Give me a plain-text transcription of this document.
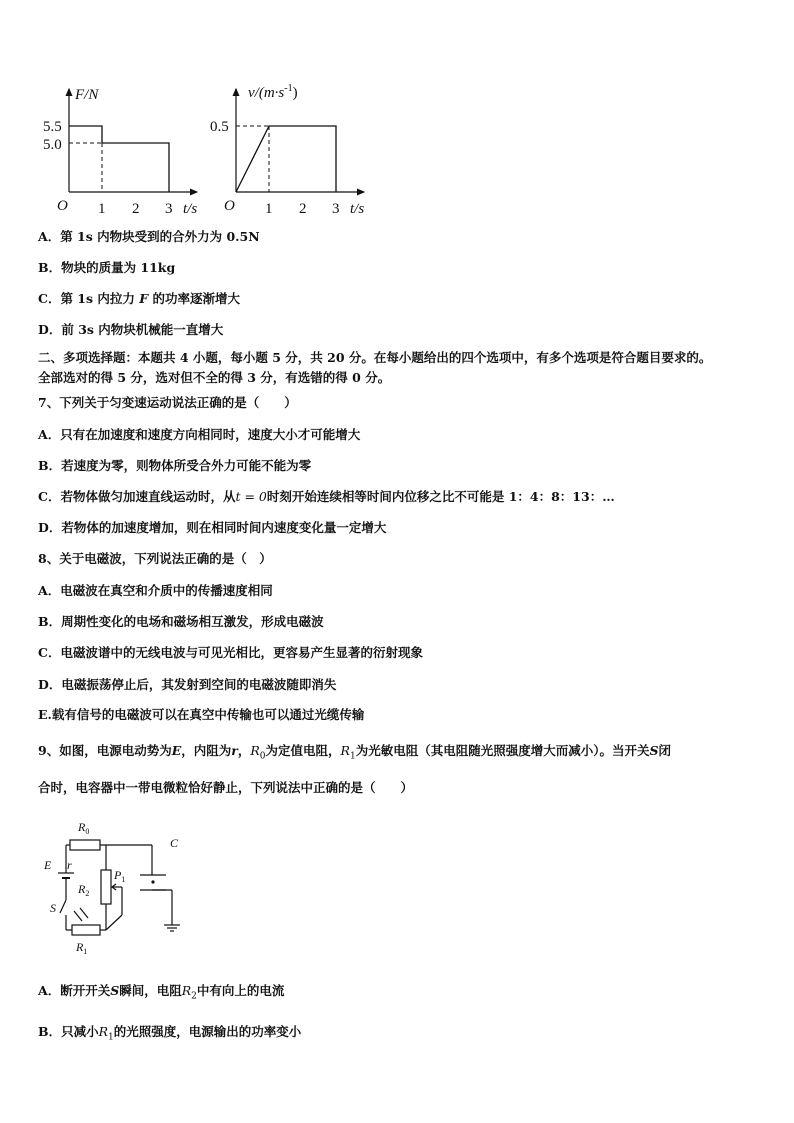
F/N
5.5
5.0
O 1 2 3 t/s
$v/(m\cdot s^{-1})$
0.5
O 1 2 3 t/s
A．第 1s 内物块受到的合外力为 0.5N
B．物块的质量为 11kg
C．第 1s 内拉力 F 的功率逐渐增大
D．前 3s 内物块机械能一直增大
二、多项选择题：本题共 4 小题，每小题 5 分，共 20 分。在每小题给出的四个选项中，有多个选项是符合题目要求的。
全部选对的得 5 分，选对但不全的得 3 分，有选错的得 0 分。
7、下列关于匀变速运动说法正确的是（　　）
A．只有在加速度和速度方向相同时，速度大小才可能增大
B．若速度为零，则物体所受合外力可能不能为零
C．若物体做匀加速直线运动时，从t = 0时刻开始连续相等时间内位移之比不可能是 1：4：8：13：…
D．若物体的加速度增加，则在相同时间内速度变化量一定增大
8、关于电磁波，下列说法正确的是（　）
A．电磁波在真空和介质中的传播速度相同
B．周期性变化的电场和磁场相互激发，形成电磁波
C．电磁波谱中的无线电波与可见光相比，更容易产生显著的衍射现象
D．电磁振荡停止后，其发射到空间的电磁波随即消失
E.载有信号的电磁波可以在真空中传输也可以通过光缆传输
9、如图，电源电动势为E，内阻为r，$R_0$为定值电阻，$R_1$为光敏电阻（其电阻随光照强度增大而减小）。当开关S闭
合时，电容器中一带电微粒恰好静止，下列说法中正确的是（　　）
$R_0$
C
E r
$P_1$
$R_2$
S
$R_1$
A．断开开关S瞬间，电阻$R_2$中有向上的电流
B．只减小$R_1$的光照强度，电源输出的功率变小
